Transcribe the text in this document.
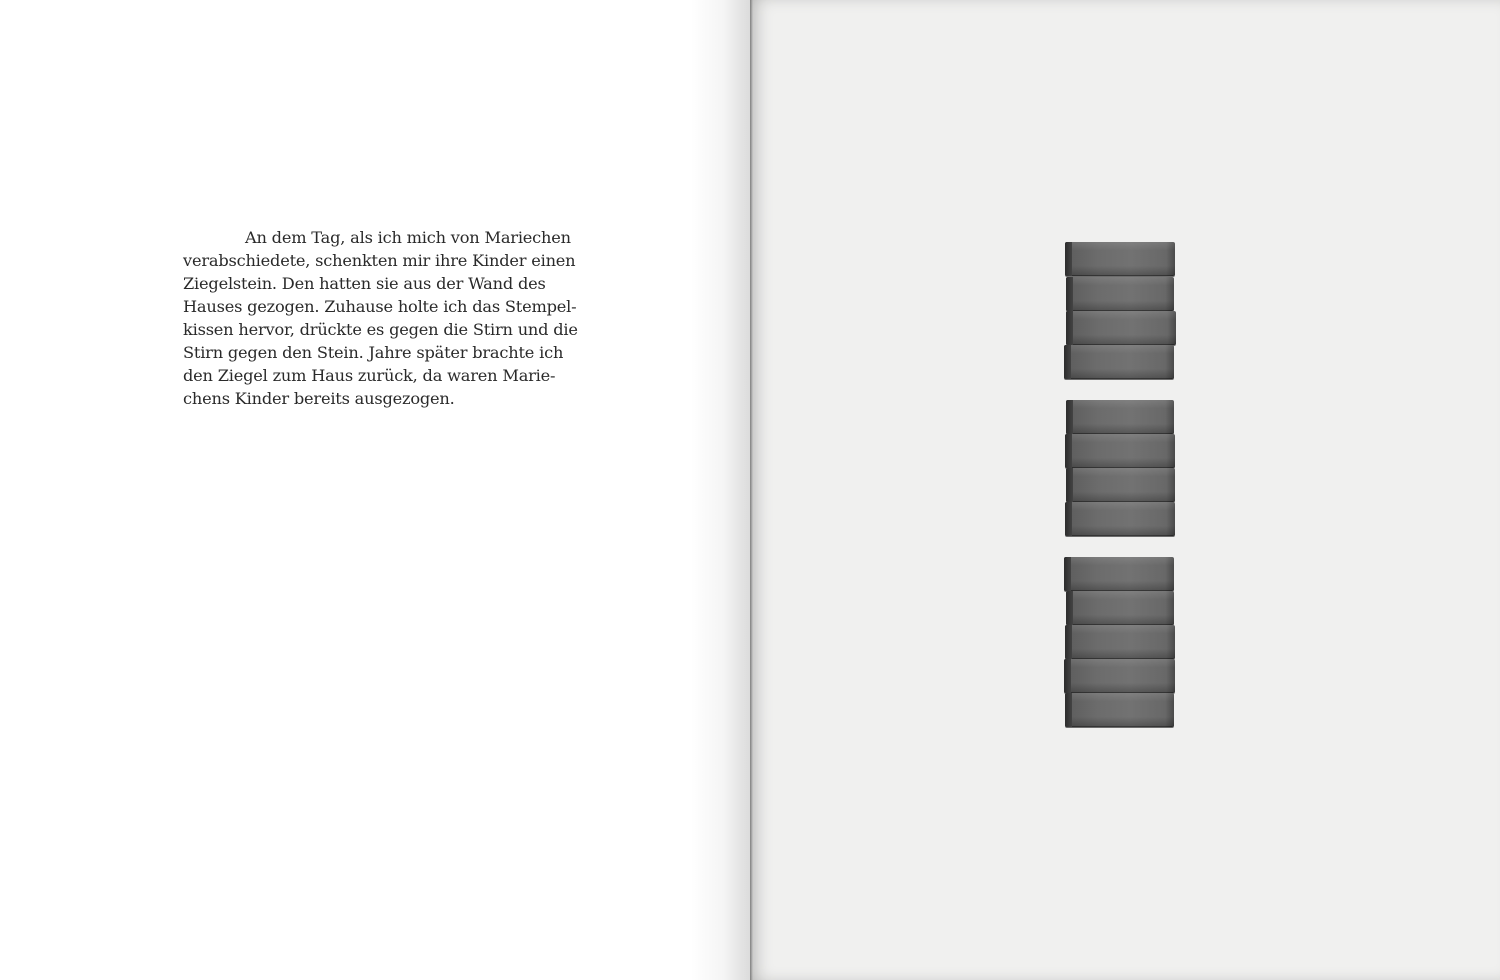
An dem Tag, als ich mich von Mariechen
verabschiedete, schenkten mir ihre Kinder einen
Ziegelstein. Den hatten sie aus der Wand des
Hauses gezogen. Zuhause holte ich das Stempel-
kissen hervor, drückte es gegen die Stirn und die
Stirn gegen den Stein. Jahre später brachte ich
den Ziegel zum Haus zurück, da waren Marie-
chens Kinder bereits ausgezogen.
